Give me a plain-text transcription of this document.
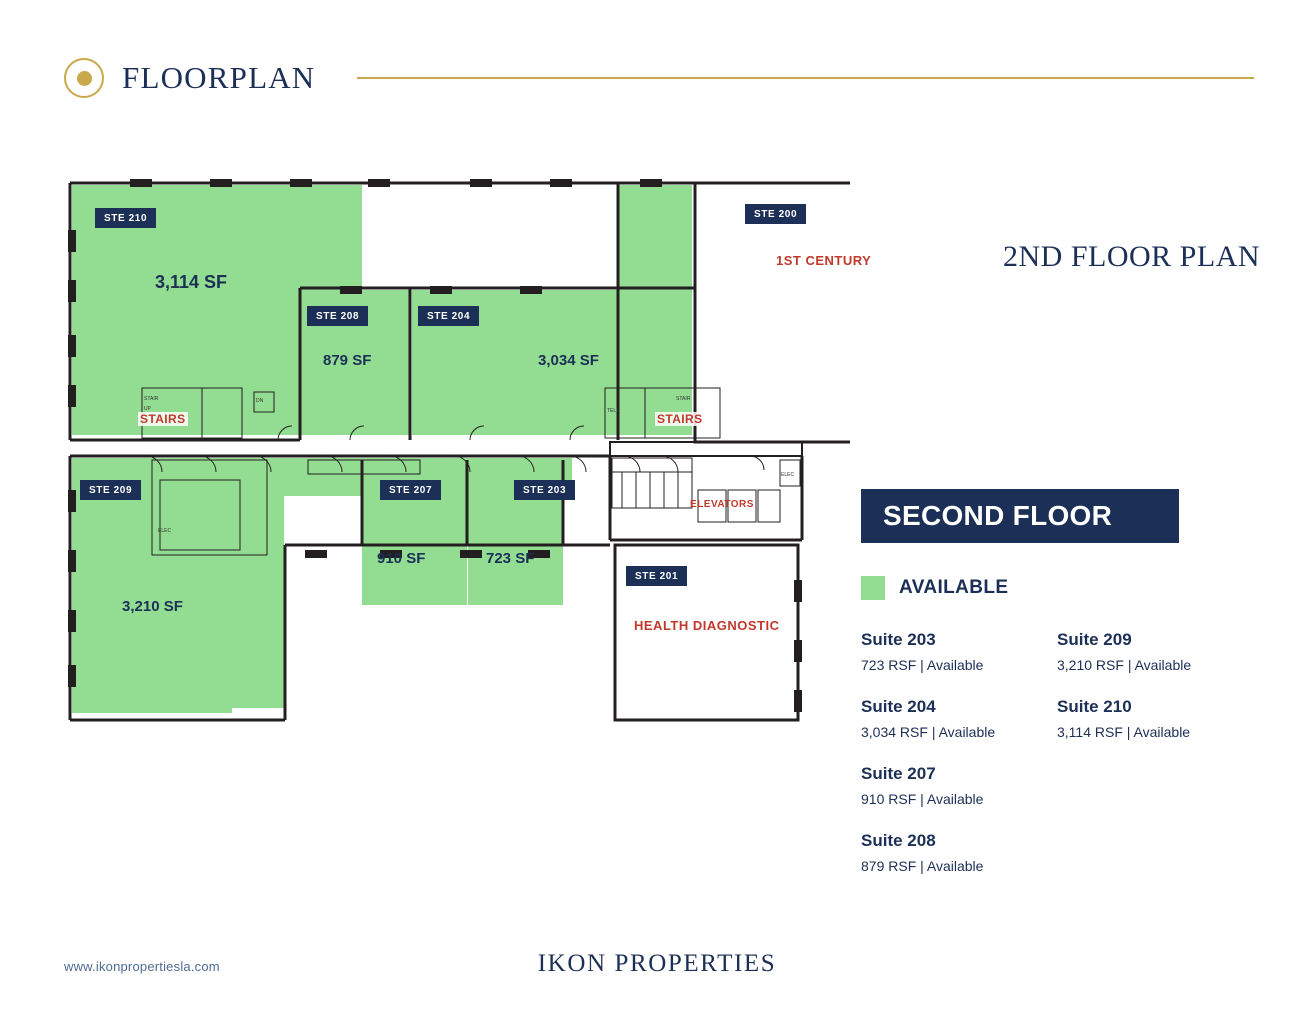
FLOORPLAN
STE 210	STE 200
STE 208	STE 204
STE 209	STE 207	STE 203
STE 201
3,114 SF
879 SF	3,034 SF
910 SF	723 SF
3,210 SF
1ST CENTURY
HEALTH DIAGNOSTIC
ELEVATORS
STAIRS	STAIRS
ELEC
ELEC
STAIR	STAIR
TELE
DN
UP
2ND FLOOR PLAN
SECOND FLOOR
AVAILABLE
Suite 203
723 RSF | Available
Suite 204
3,034 RSF | Available
Suite 207
910 RSF | Available
Suite 208
879 RSF | Available
Suite 209
3,210 RSF | Available
Suite 210
3,114 RSF | Available
www.ikonpropertiesla.com	IKON PROPERTIES
